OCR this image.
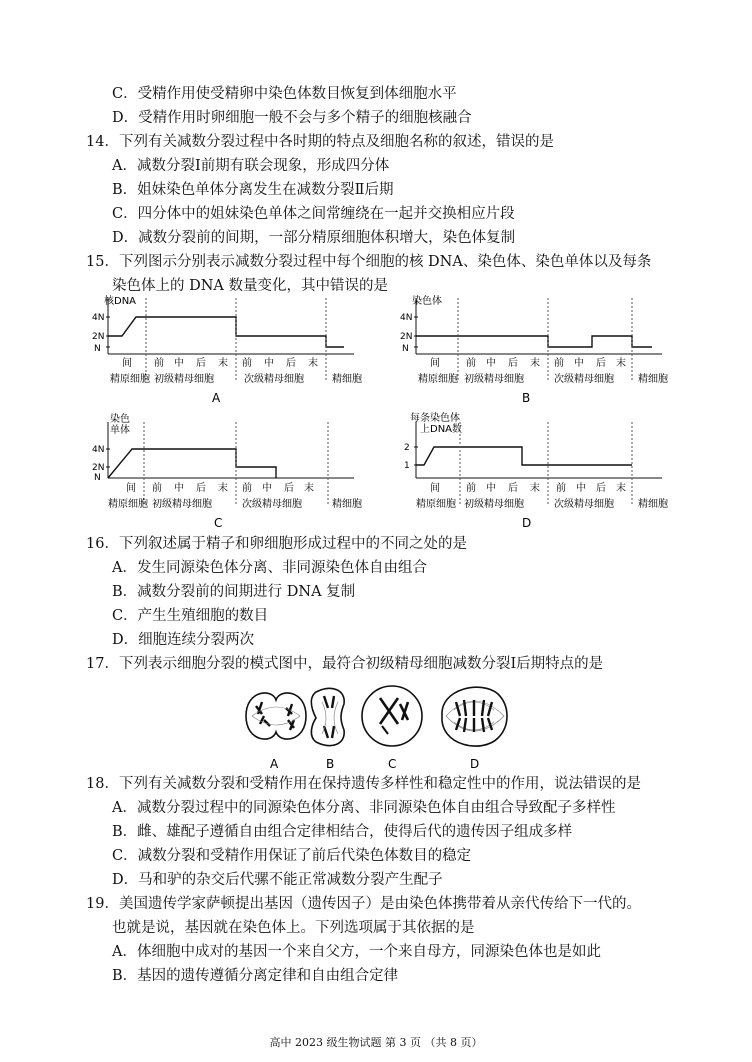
C．受精作用使受精卵中染色体数目恢复到体细胞水平
D．受精作用时卵细胞一般不会与多个精子的细胞核融合
14．下列有关减数分裂过程中各时期的特点及细胞名称的叙述，错误的是
A．减数分裂Ⅰ前期有联会现象，形成四分体
B．姐妹染色单体分离发生在减数分裂Ⅱ后期
C．四分体中的姐妹染色单体之间常缠绕在一起并交换相应片段
D．减数分裂前的间期，一部分精原细胞体积增大，染色体复制
15．下列图示分别表示减数分裂过程中每个细胞的核 DNA、染色体、染色单体以及每条
染色体上的 DNA 数量变化，其中错误的是
核DNA
4N
2N
N
间 前 中 后 末 前 中 后 末
精原细胞 初级精母细胞	次级精母细胞	精细胞
A
染色体
4N
2N
N
间	前 中 后 末 前 中 后 末
精原细胞 初级精母细胞	次级精母细胞 精细胞
B
染色
单体
4N
2N
N
间 前 中 后 末 前 中 后 末
精原细胞 初级精母细胞	次级精母细胞	精细胞
C
每条染色体
上DNA数
2
1
间	前 中 后 末 前 中 后 末
精原细胞 初级精母细胞	次级精母细胞 精细胞
D
16．下列叙述属于精子和卵细胞形成过程中的不同之处的是
A．发生同源染色体分离、非同源染色体自由组合
B．减数分裂前的间期进行 DNA 复制
C．产生生殖细胞的数目
D．细胞连续分裂两次
17．下列表示细胞分裂的模式图中，最符合初级精母细胞减数分裂Ⅰ后期特点的是
A	B	C	D
18．下列有关减数分裂和受精作用在保持遗传多样性和稳定性中的作用，说法错误的是
A．减数分裂过程中的同源染色体分离、非同源染色体自由组合导致配子多样性
B．雌、雄配子遵循自由组合定律相结合，使得后代的遗传因子组成多样
C．减数分裂和受精作用保证了前后代染色体数目的稳定
D．马和驴的杂交后代骡不能正常减数分裂产生配子
19．美国遗传学家萨顿提出基因（遗传因子）是由染色体携带着从亲代传给下一代的。
也就是说，基因就在染色体上。下列选项属于其依据的是
A．体细胞中成对的基因一个来自父方，一个来自母方，同源染色体也是如此
B．基因的遗传遵循分离定律和自由组合定律
高中 2023 级生物试题 第 3 页 （共 8 页）
